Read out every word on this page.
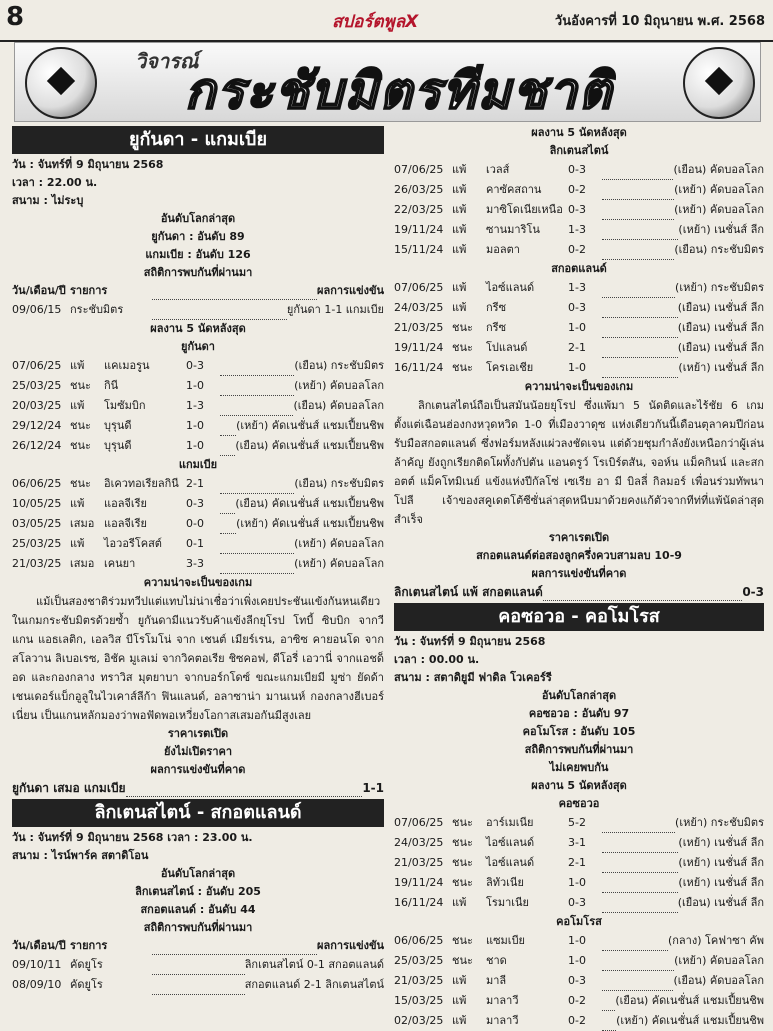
8	สปอร์ตพูลX	วันอังคารที่ 10 มิถุนายน พ.ศ. 2568
วิจารณ์
กระชับมิตรทีมชาติ
ยูกันดา - แกมเบีย
วัน : จันทร์ที่ 9 มิถุนายน 2568
เวลา : 22.00 น.
สนาม : ไม่ระบุ
อันดับโลกล่าสุด
ยูกันดา : อันดับ 89
แกมเบีย : อันดับ 126
สถิติการพบกันที่ผ่านมา
วัน/เดือน/ปี รายการ	ผลการแข่งขัน
09/06/15 กระชับมิตร	ยูกันดา 1-1 แกมเบีย
ผลงาน 5 นัดหลังสุด
ยูกันดา
07/06/25 แพ้	แคเมอรูน	0-3	(เยือน) กระชับมิตร
25/03/25 ชนะ	กินี	1-0	(เหย้า) คัดบอลโลก
20/03/25 แพ้	โมซัมบิก	1-3	(เยือน) คัดบอลโลก
29/12/24 ชนะ	บุรุนดี	1-0	(เหย้า) คัดเนชั่นส์ แชมเปี้ยนชิพ
26/12/24 ชนะ	บุรุนดี	1-0	(เยือน) คัดเนชั่นส์ แชมเปี้ยนชิพ
แกมเบีย
06/06/25 ชนะ	อิเควทอเรียลกินี 2-1	(เยือน) กระชับมิตร
10/05/25 แพ้	แอลจีเรีย	0-3	(เยือน) คัดเนชั่นส์ แชมเปี้ยนชิพ
03/05/25 เสมอ แอลจีเรีย	0-0	(เหย้า) คัดเนชั่นส์ แชมเปี้ยนชิพ
25/03/25 แพ้	ไอวอรีโคสต์	0-1	(เหย้า) คัดบอลโลก
21/03/25 เสมอ เคนยา	3-3	(เหย้า) คัดบอลโลก
ความน่าจะเป็นของเกม
แม้เป็นสองชาติร่วมทวีปแต่แทบไม่น่าเชื่อว่าเพิ่งเคยประชันแข้งกันหนเดียวในเกมกระชับมิตรด้วยซ้ำ ยูกันดามีแนวรับค้าแข้งลีกยุโรป โทบี้ ซิบบิก จากวีแกน แอธเลติก, เอลวิส บีโรโมโน่ จาก เชนต์ เมียร์เรน, อาซิซ คายอนโด จากสโลวาน ลิเบอเรซ, อิชัค มูเลเม่ จากวิคตอเรีย ชิซคอฟ, ดีโอรี่ เอวานี่ จากแอชด็อด และกองกลาง ทราวิส มุตยาบา จากบอร์กโดซ์ ขณะแกมเบียมี มูซ่า ยัดด้า เชนเดอร์แบ็กอูลูในไวเคาส์ลีก้า ฟินแลนด์, อลาซาน่า มานเนห์ กองกลางฮีเบอร์เนี่ยน เป็นแกนหลักมองว่าพอฟัดพอเหวี่ยงโอกาสเสมอกันมีสูงเลย
ราคาเรตเปิด
ยังไม่เปิดราคา
ผลการแข่งขันที่คาด
ยูกันดา เสมอ แกมเบีย	1-1
ลิกเตนสไตน์ - สกอตแลนด์
วัน : จันทร์ที่ 9 มิถุนายน 2568 เวลา : 23.00 น.
สนาม : ไรน์พาร์ค สตาดิโอน
อันดับโลกล่าสุด
ลิกเตนสไตน์ : อันดับ 205
สกอตแลนด์ : อันดับ 44
สถิติการพบกันที่ผ่านมา
วัน/เดือน/ปี รายการ	ผลการแข่งขัน
09/10/11 คัดยูโร	ลิกเตนสไตน์ 0-1 สกอตแลนด์
08/09/10 คัดยูโร	สกอตแลนด์ 2-1 ลิกเตนสไตน์
ผลงาน 5 นัดหลังสุด
ลิกเตนสไตน์
07/06/25 แพ้	เวลส์	0-3	(เยือน) คัดบอลโลก
26/03/25 แพ้	คาซัคสถาน	0-2	(เหย้า) คัดบอลโลก
22/03/25 แพ้	มาซิโดเนียเหนือ 0-3	(เหย้า) คัดบอลโลก
19/11/24 แพ้	ซานมาริโน	1-3	(เหย้า) เนชั่นส์ ลีก
15/11/24 แพ้	มอลตา	0-2	(เยือน) กระชับมิตร
สกอตแลนด์
07/06/25 แพ้	ไอซ์แลนด์	1-3	(เหย้า) กระชับมิตร
24/03/25 แพ้	กรีซ	0-3	(เยือน) เนชั่นส์ ลีก
21/03/25 ชนะ	กรีซ	1-0	(เยือน) เนชั่นส์ ลีก
19/11/24 ชนะ	โปแลนด์	2-1	(เยือน) เนชั่นส์ ลีก
16/11/24 ชนะ	โครเอเชีย	1-0	(เหย้า) เนชั่นส์ ลีก
ความน่าจะเป็นของเกม
ลิกเตนสไตน์ถือเป็นสมันน้อยยุโรป ซึ่งแพ้มา 5 นัดติดและไร้ชัย 6 เกมตั้งแต่เฉือนฮ่องกงหวุดหวิด 1-0 ที่เมืองวาดุซ แห่งเดียวกันนี้เดือนตุลาคมปีก่อนรับมือสกอตแลนด์ ซึ่งฟอร์มหลังแผ่วลงชัดเจน แต่ด้วยชุมกำลังยังเหนือกว่าผู้เล่นล้าค้ญ ยังถูกเรียกติดโผทั้งกัปตัน แอนดรูว์ โรเบิร์ตสัน, จอห์น แม็คกินน์ และสกอตต์ แม็คโทมิเนย์ แข้งแห่งปีกัลโซ่ เซเรีย อา มี บิลลี่ กิลมอร์ เพื่อนร่วมทัพนาโปลี เจ้าของสคูเดตโต้ซีซั่นล่าสุดหนีบมาด้วยคงแก้ตัวจากทีท่ที่แพ้นัดล่าสุดสำเร็จ
ราคาเรตเปิด
สกอตแลนด์ต่อสองลูกครึ่งควบสามลบ 10-9
ผลการแข่งขันที่คาด
ลิกเตนสไตน์ แพ้ สกอตแลนด์	0-3
คอซอวอ - คอโมโรส
วัน : จันทร์ที่ 9 มิถุนายน 2568
เวลา : 00.00 น.
สนาม : สตาดิยูมี ฟาดิล โวเคอร์รี
อันดับโลกล่าสุด
คอซอวอ : อันดับ 97
คอโมโรส : อันดับ 105
สถิติการพบกันที่ผ่านมา
ไม่เคยพบกัน
ผลงาน 5 นัดหลังสุด
คอซอวอ
07/06/25 ชนะ	อาร์เมเนีย	5-2	(เหย้า) กระชับมิตร
24/03/25 ชนะ	ไอซ์แลนด์	3-1	(เหย้า) เนชั่นส์ ลีก
21/03/25 ชนะ	ไอซ์แลนด์	2-1	(เหย้า) เนชั่นส์ ลีก
19/11/24 ชนะ	ลิทัวเนีย	1-0	(เหย้า) เนชั่นส์ ลีก
16/11/24 แพ้	โรมาเนีย	0-3	(เยือน) เนชั่นส์ ลีก
คอโมโรส
06/06/25 ชนะ	แซมเบีย	1-0	(กลาง) โคฟาซา คัพ
25/03/25 ชนะ	ชาด	1-0	(เหย้า) คัดบอลโลก
21/03/25 แพ้	มาลี	0-3	(เยือน) คัดบอลโลก
15/03/25 แพ้	มาลาวี	0-2	(เยือน) คัดเนชั่นส์ แชมเปี้ยนชิพ
02/03/25 แพ้	มาลาวี	0-2	(เหย้า) คัดเนชั่นส์ แชมเปี้ยนชิพ
